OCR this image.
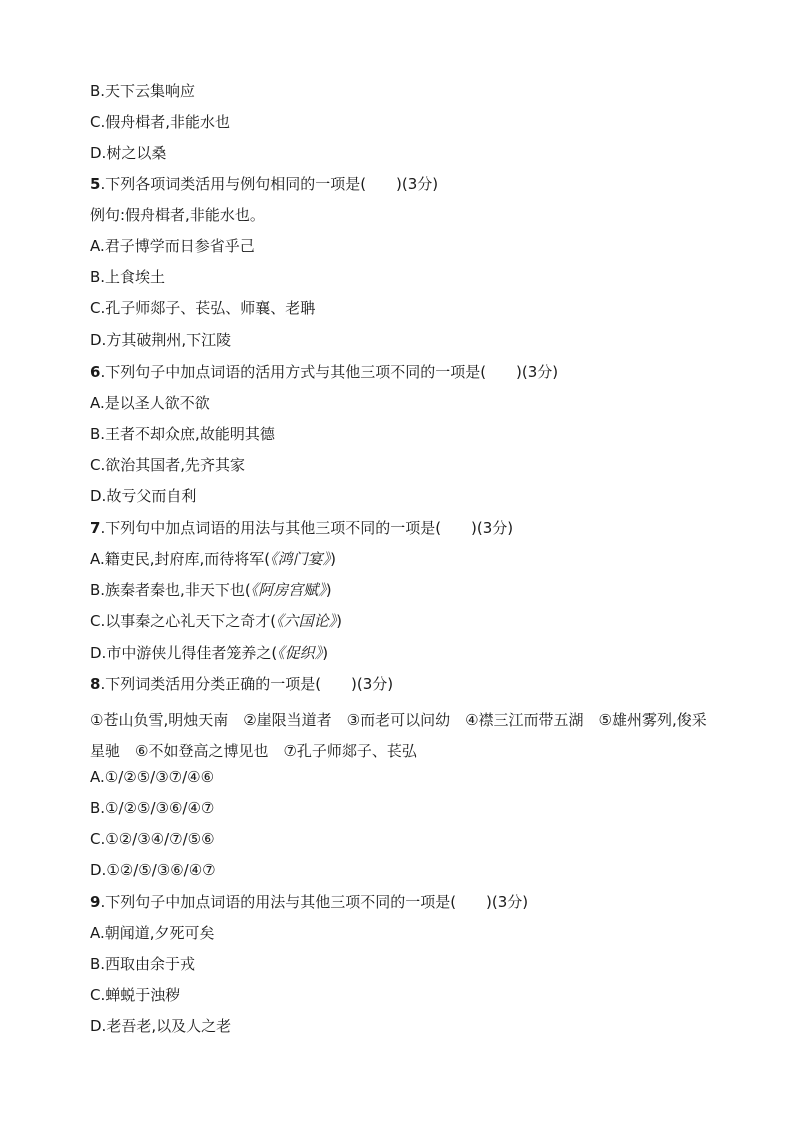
B.天下云集响应
C.假舟楫者,非能水也
D.树之以桑
5.下列各项词类活用与例句相同的一项是(　　)(3分)
例句:假舟楫者,非能水也。
A.君子博学而日参省乎己
B.上食埃土
C.孔子师郯子、苌弘、师襄、老聃
D.方其破荆州,下江陵
6.下列句子中加点词语的活用方式与其他三项不同的一项是(　　)(3分)
A.是以圣人欲不欲
B.王者不却众庶,故能明其德
C.欲治其国者,先齐其家
D.故亏父而自利
7.下列句中加点词语的用法与其他三项不同的一项是(　　)(3分)
A.籍吏民,封府库,而待将军(《鸿门宴》)
B.族秦者秦也,非天下也(《阿房宫赋》)
C.以事秦之心礼天下之奇才(《六国论》)
D.市中游侠儿得佳者笼养之(《促织》)
8.下列词类活用分类正确的一项是(　　)(3分)
①苍山负雪,明烛天南　②崖限当道者　③而老可以问幼　④襟三江而带五湖　⑤雄州雾列,俊采星驰　⑥不如登高之博见也　⑦孔子师郯子、苌弘
A.①/②⑤/③⑦/④⑥
B.①/②⑤/③⑥/④⑦
C.①②/③④/⑦/⑤⑥
D.①②/⑤/③⑥/④⑦
9.下列句子中加点词语的用法与其他三项不同的一项是(　　)(3分)
A.朝闻道,夕死可矣
B.西取由余于戎
C.蝉蜕于浊秽
D.老吾老,以及人之老
